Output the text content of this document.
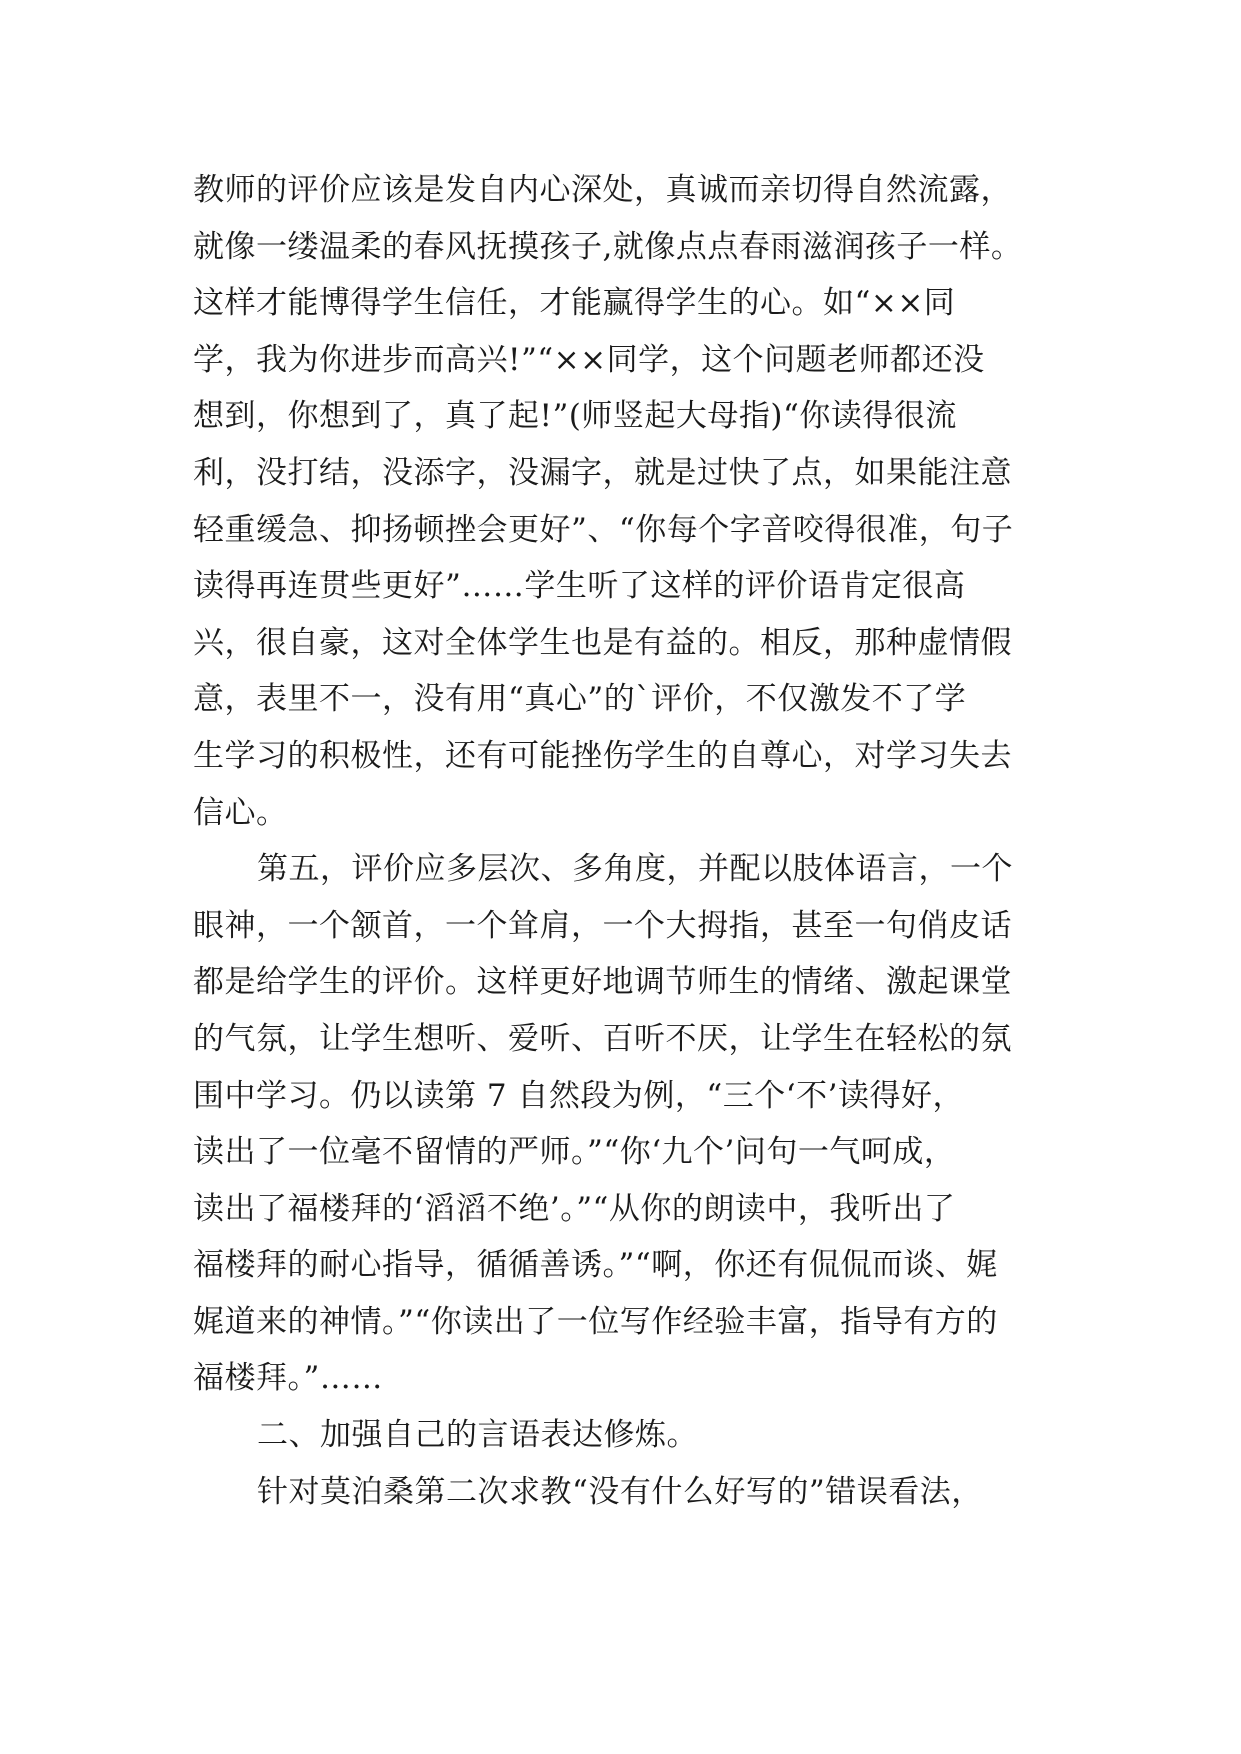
教师的评价应该是发自内心深处，真诚而亲切得自然流露，
就像一缕温柔的春风抚摸孩子,就像点点春雨滋润孩子一样。
这样才能博得学生信任，才能赢得学生的心。如“××同
学，我为你进步而高兴!”“××同学，这个问题老师都还没
想到，你想到了，真了起!”(师竖起大母指)“你读得很流
利，没打结，没添字，没漏字，就是过快了点，如果能注意
轻重缓急、抑扬顿挫会更好”、“你每个字音咬得很准，句子
读得再连贯些更好”……学生听了这样的评价语肯定很高
兴，很自豪，这对全体学生也是有益的。相反，那种虚情假
意，表里不一，没有用“真心”的`评价，不仅激发不了学
生学习的积极性，还有可能挫伤学生的自尊心，对学习失去
信心。
第五，评价应多层次、多角度，并配以肢体语言，一个
眼神，一个颔首，一个耸肩，一个大拇指，甚至一句俏皮话
都是给学生的评价。这样更好地调节师生的情绪、激起课堂
的气氛，让学生想听、爱听、百听不厌，让学生在轻松的氛
围中学习。仍以读第 7 自然段为例，“三个‘不’读得好，
读出了一位毫不留情的严师。”“你‘九个’问句一气呵成，
读出了福楼拜的‘滔滔不绝’。”“从你的朗读中，我听出了
福楼拜的耐心指导，循循善诱。”“啊，你还有侃侃而谈、娓
娓道来的神情。”“你读出了一位写作经验丰富，指导有方的
福楼拜。”……
二、加强自己的言语表达修炼。
针对莫泊桑第二次求教“没有什么好写的”错误看法，
